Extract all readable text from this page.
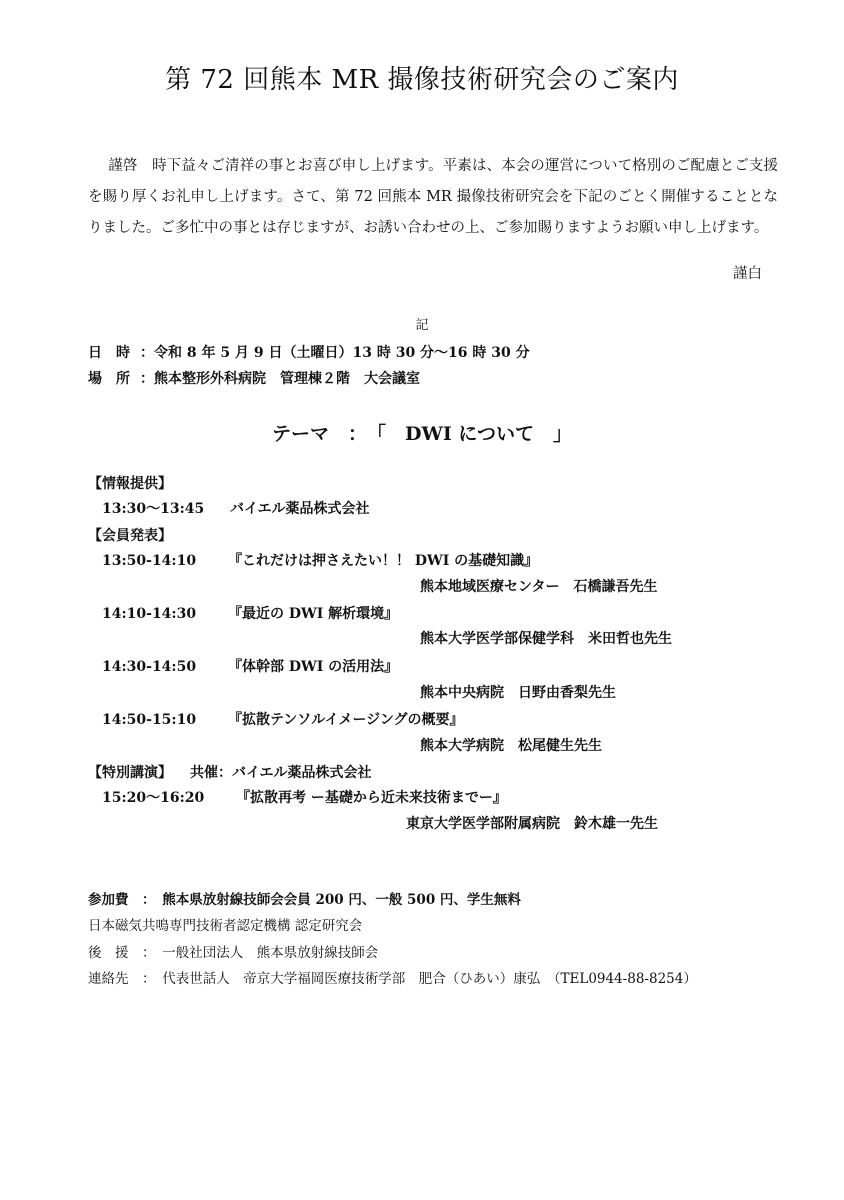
第 72 回熊本 MR 撮像技術研究会のご案内
謹啓　時下益々ご清祥の事とお喜び申し上げます。平素は、本会の運営について格別のご配慮とご支援を賜り厚くお礼申し上げます。さて、第 72 回熊本 MR 撮像技術研究会を下記のごとく開催することとなりました。ご多忙中の事とは存じますが、お誘い合わせの上、ご参加賜りますようお願い申し上げます。
謹白
記
日　時 ：令和 8 年 5 月 9 日（土曜日）13 時 30 分～16 時 30 分
場　所 ：熊本整形外科病院　管理棟２階　大会議室
テーマ　：　「　DWI について　」
【情報提供】
13:30～13:45 バイエル薬品株式会社
【会員発表】
13:50-14:10 『これだけは押さえたい！！ DWI の基礎知識』
熊本地域医療センター　石橋謙吾先生
14:10-14:30 『最近の DWI 解析環境』
熊本大学医学部保健学科　米田哲也先生
14:30-14:50 『体幹部 DWI の活用法』
熊本中央病院　日野由香梨先生
14:50-15:10 『拡散テンソルイメージングの概要』
熊本大学病院　松尾健生先生
【特別講演】 共催：バイエル薬品株式会社
15:20～16:20 『拡散再考 ー基礎から近未来技術までー』
東京大学医学部附属病院　鈴木雄一先生
参加費　：　熊本県放射線技師会会員 200 円、一般 500 円、学生無料
日本磁気共鳴専門技術者認定機構 認定研究会
後　援　：　一般社団法人　熊本県放射線技師会
連絡先　：　代表世話人　帝京大学福岡医療技術学部　肥合（ひあい）康弘　（TEL0944-88-8254）
